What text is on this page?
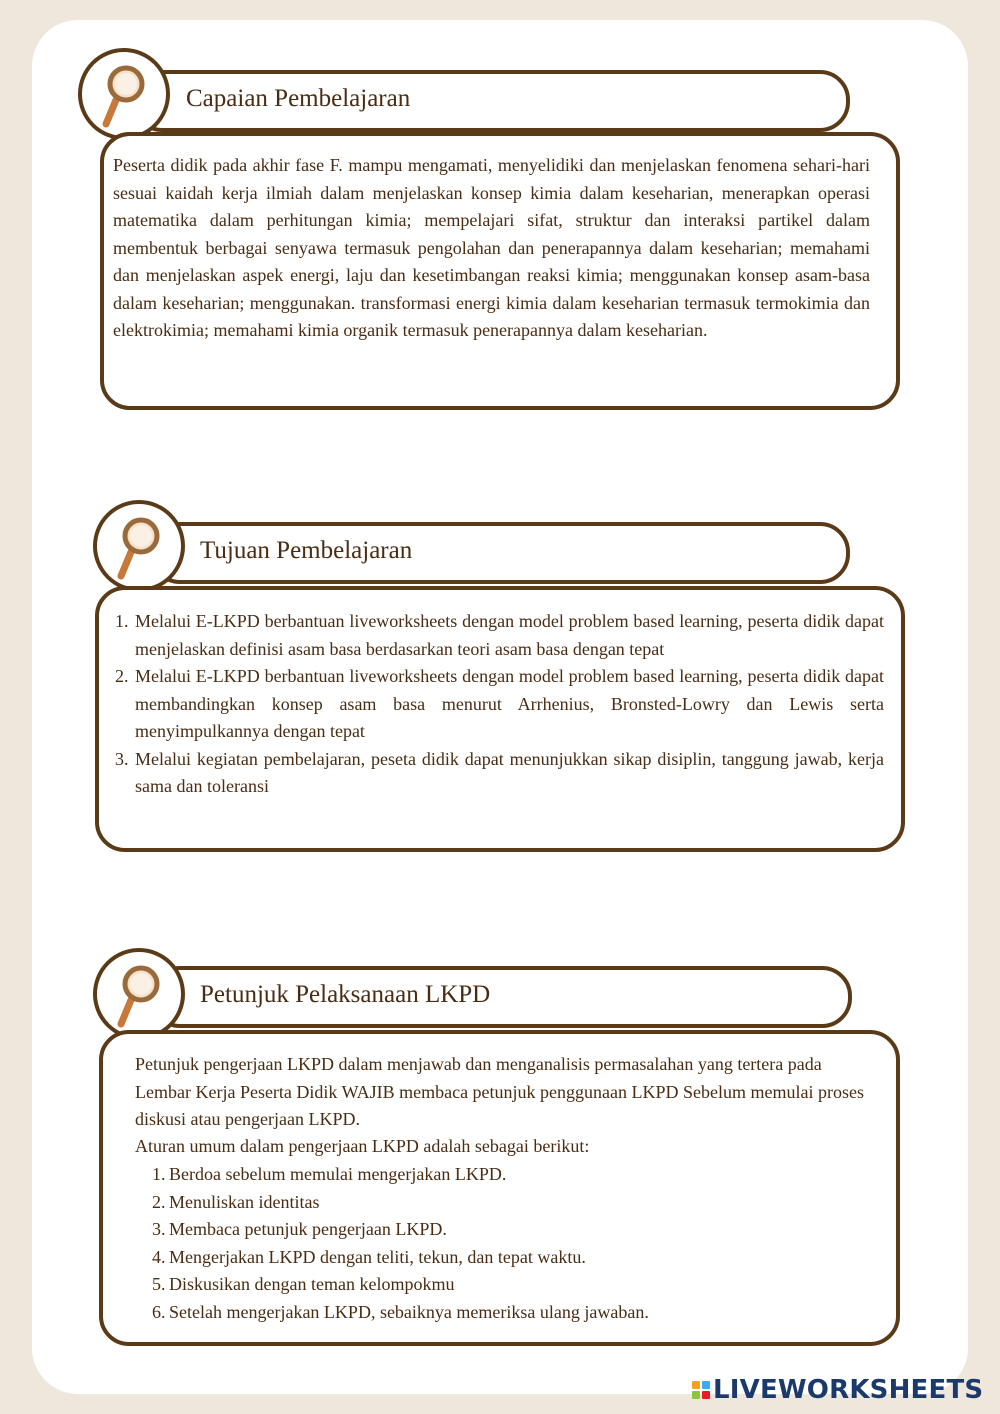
Capaian Pembelajaran
Peserta didik pada akhir fase F. mampu mengamati, menyelidiki dan menjelaskan fenomena sehari-hari sesuai kaidah kerja ilmiah dalam menjelaskan konsep kimia dalam keseharian, menerapkan operasi matematika dalam perhitungan kimia; mempelajari sifat, struktur dan interaksi partikel dalam membentuk berbagai senyawa termasuk pengolahan dan penerapannya dalam keseharian; memahami dan menjelaskan aspek energi, laju dan kesetimbangan reaksi kimia; menggunakan konsep asam-basa dalam keseharian; menggunakan. transformasi energi kimia dalam keseharian termasuk termokimia dan elektrokimia; memahami kimia organik termasuk penerapannya dalam keseharian.
Tujuan Pembelajaran
1. Melalui E-LKPD berbantuan liveworksheets dengan model problem based learning, peserta didik dapat menjelaskan definisi asam basa berdasarkan teori asam basa dengan tepat
2. Melalui E-LKPD berbantuan liveworksheets dengan model problem based learning, peserta didik dapat membandingkan konsep asam basa menurut Arrhenius, Bronsted-Lowry dan Lewis serta menyimpulkannya dengan tepat
3. Melalui kegiatan pembelajaran, peseta didik dapat menunjukkan sikap disiplin, tanggung jawab, kerja sama dan toleransi
Petunjuk Pelaksanaan LKPD
Petunjuk pengerjaan LKPD dalam menjawab dan menganalisis permasalahan yang tertera pada Lembar Kerja Peserta Didik WAJIB membaca petunjuk penggunaan LKPD Sebelum memulai proses diskusi atau pengerjaan LKPD.
Aturan umum dalam pengerjaan LKPD adalah sebagai berikut:
1. Berdoa sebelum memulai mengerjakan LKPD.
2. Menuliskan identitas
3. Membaca petunjuk pengerjaan LKPD.
4. Mengerjakan LKPD dengan teliti, tekun, dan tepat waktu.
5. Diskusikan dengan teman kelompokmu
6. Setelah mengerjakan LKPD, sebaiknya memeriksa ulang jawaban.
LIVEWORKSHEETS
